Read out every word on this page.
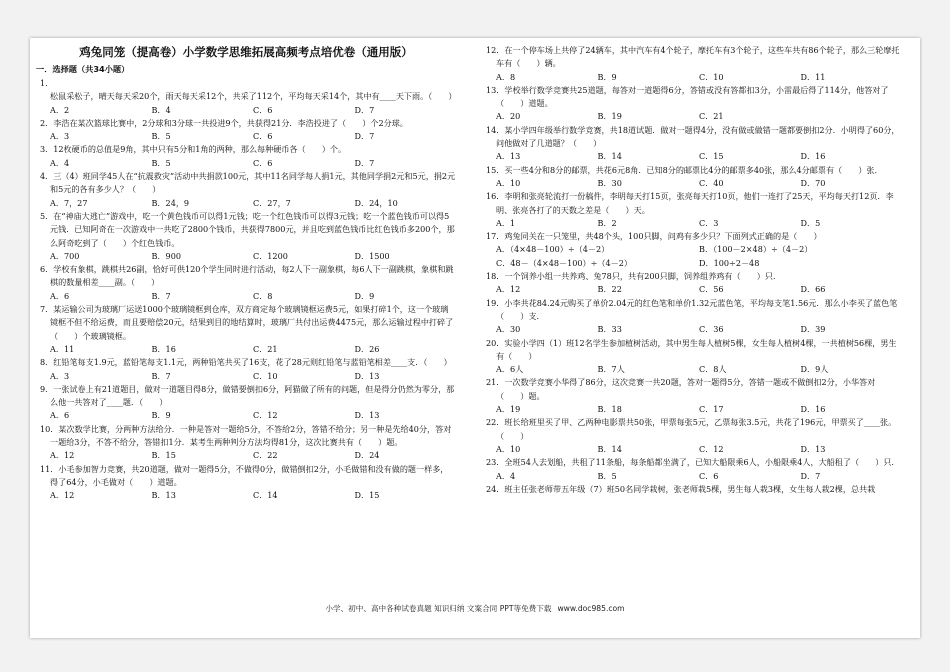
鸡兔同笼（提高卷）小学数学思维拓展高频考点培优卷（通用版）
一．选择题（共34小题）
1．松鼠采松子，晴天每天采20个，雨天每天采12个，共采了112个，平均每天采14个，其中有____天下雨。（　　）
A．2	B．4	C．6	D．7
2．李浩在某次篮球比赛中，2分球和3分球一共投进9个，共获得21分．李浩投进了（　　）个2分球。
A．3	B．5	C．6	D．7
3．12枚硬币的总值是9角，其中只有5分和1角的两种，那么每种硬币各（　　）个。
A．4	B．5	C．6	D．7
4．三（4）班同学45人在“抗震救灾”活动中共捐款100元，其中11名同学每人捐1元，其他同学捐2元和5元，捐2元和5元的各有多少人？（　　）
A．7，27	B．24，9	C．27，7	D．24，10
5．在“神庙大逃亡”游戏中，吃一个黄色钱币可以得1元钱；吃一个红色钱币可以得3元钱；吃一个蓝色钱币可以得5元钱．已知阿奇在一次游戏中一共吃了2800个钱币，共获得7800元，并且吃到蓝色钱币比红色钱币多200个，那么阿奇吃到了（　　）个红色钱币。
A．700	B．900	C．1200	D．1500
6．学校有象棋，跳棋共26副，恰好可供120个学生同时进行活动，每2人下一副象棋，每6人下一副跳棋，象棋和跳棋的数量相差____副。（　　）
A．6	B．7	C．8	D．9
7．某运输公司为玻璃厂运送1000个玻璃镜框到仓库，双方商定每个玻璃镜框运费5元，如果打碎1个，这一个玻璃镜框不但不给运费，而且要赔偿20元，结果到目的地结算时，玻璃厂共付出运费4475元，那么运输过程中打碎了（　　）个玻璃镜框。
A．11	B．16	C．21	D．26
8．红铅笔每支1.9元，蓝铅笔每支1.1元，两种铅笔共买了16支，花了28元则红铅笔与蓝铅笔相差____支．（　　）
A．3	B．7	C．10	D．13
9．一张试卷上有21道题目，做对一道题目得8分，做错要倒扣6分，阿猫做了所有的问题，但是得分仍然为零分，那么他一共答对了____题．（　　）
A．6	B．9	C．12	D．13
10．某次数学比赛，分两种方法给分．一种是答对一题给5分，不答给2分，答错不给分；另一种是先给40分，答对一题给3分，不答不给分，答错扣1分．某考生两种判分方法均得81分，这次比赛共有（　　）题。
A．12	B．15	C．22	D．24
11．小毛参加智力竞赛，共20道题，做对一题得5分，不做得0分，做错倒扣2分，小毛做错和没有做的题一样多，得了64分，小毛做对（　　）道题。
A．12	B．13	C．14	D．15
12．在一个停车场上共停了24辆车，其中汽车有4个轮子，摩托车有3个轮子，这些车共有86个轮子，那么三轮摩托车有（　　）辆。
A．8	B．9	C．10	D．11
13．学校举行数学竞赛共25道题，每答对一道题得6分，答错或没有答都扣3分，小雷最后得了114分，他答对了（　　）道题。
A．20	B．19	C．21
14．某小学四年级举行数学竞赛，共18道试题．做对一题得4分，没有做或做错一题都要倒扣2分．小明得了60分，问他做对了几道题？（　　）
A．13	B．14	C．15	D．16
15．买一些4分和8分的邮票，共花6元8角．已知8分的邮票比4分的邮票多40张，那么4分邮票有（　　）张．
A．10	B．30	C．40	D．70
16．李明和张亮轮流打一份稿件，李明每天打15页，张亮每天打10页，他们一连打了25天，平均每天打12页．李明、张亮各打了的天数之差是（　　）天。
A．1	B．2	C．3	D．5
17．鸡兔同关在一只笼里，共48个头，100只脚，问鸡有多少只？下面列式正确的是（　　）
A．（4×48－100）÷（4－2）	B．（100－2×48）÷（4－2）
C．48－（4×48－100）÷（4－2）	D．100÷2－48
18．一个饲养小组一共养鸡、兔78只，共有200只脚，饲养组养鸡有（　　）只．
A．12	B．22	C．56	D．66
19．小李共花84.24元购买了单价2.04元的红色笔和单价1.32元蓝色笔，平均每支笔1.56元．那么小李买了蓝色笔（　　）支．
A．30	B．33	C．36	D．39
20．实验小学四（1）班12名学生参加植树活动，其中男生每人植树5棵，女生每人植树4棵，一共植树56棵，男生有（　　）
A．6人	B．7人	C．8人	D．9人
21．一次数学竞赛小华得了86分，这次竞赛一共20题，答对一题得5分，答错一题或不做倒扣2分，小华答对（　　）题。
A．19	B．18	C．17	D．16
22．班长给班里买了甲、乙两种电影票共50张，甲票每张5元，乙票每张3.5元，共花了196元，甲票买了____张。（　　）
A．10	B．14	C．12	D．13
23．全班54人去划船，共租了11条船，每条船都坐满了，已知大船限乘6人，小船限乘4人，大船租了（　　）只．
A．4	B．5	C．6	D．7
24．班主任张老师带五年级（7）班50名同学栽树，张老师栽5棵，男生每人栽3棵，女生每人栽2棵，总共栽
小学、初中、高中各种试卷真题 知识归纳 文案合同 PPT等免费下载 www.doc985.com
